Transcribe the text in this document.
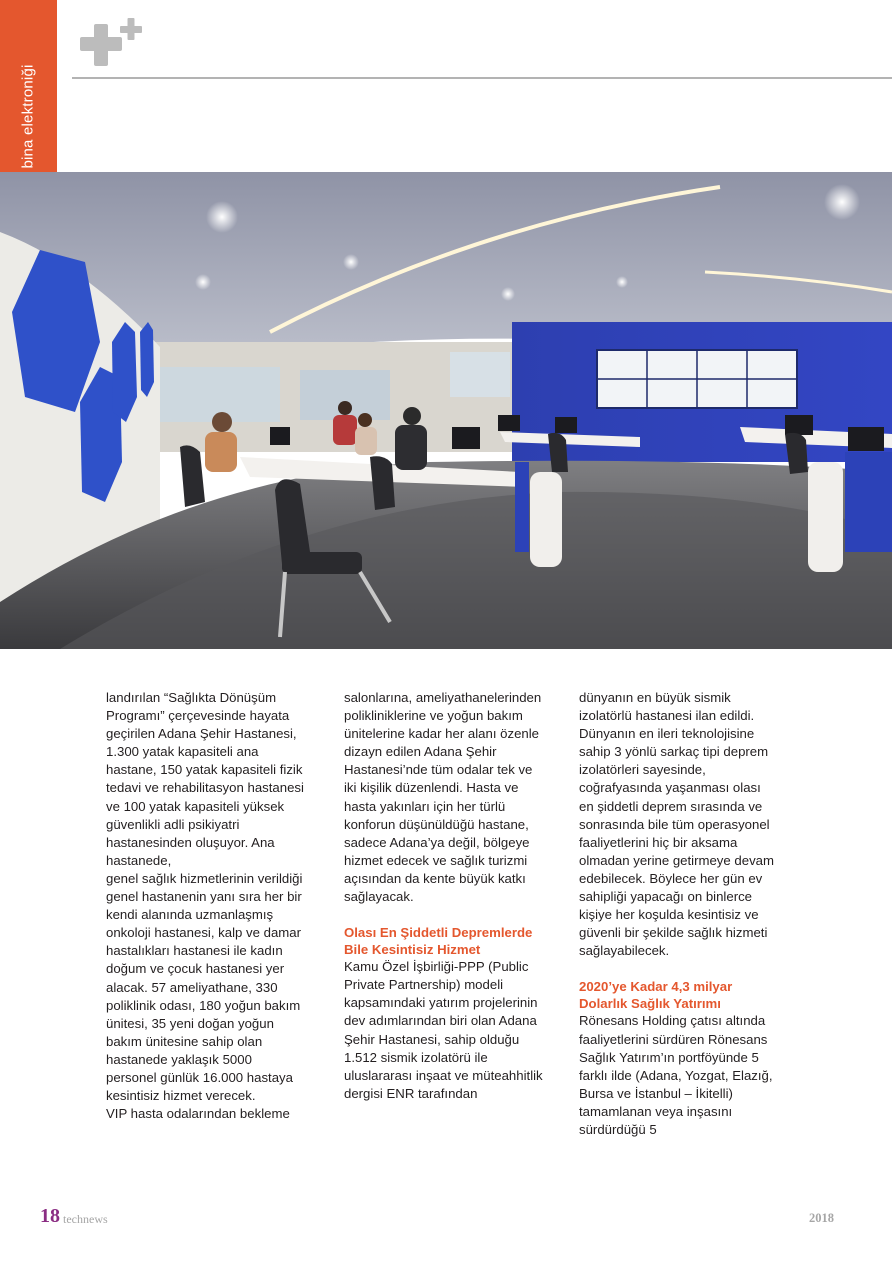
bina elektroniği

landırılan “Sağlıkta Dönüşüm Programı” çerçevesinde hayata geçirilen Adana Şehir Hastanesi, 1.300 yatak kapasiteli ana hastane, 150 yatak kapasiteli fizik tedavi ve rehabilitasyon hastanesi ve 100 yatak kapasiteli yüksek güvenlikli adli psikiyatri hastanesinden oluşuyor. Ana hastanede,

genel sağlık hizmetlerinin verildiği genel hastanenin yanı sıra her bir kendi alanında uzmanlaşmış onkoloji hastanesi, kalp ve damar hastalıkları hastanesi ile kadın doğum ve çocuk hastanesi yer alacak. 57 ameliyathane, 330 poliklinik odası, 180 yoğun bakım ünitesi, 35 yeni doğan yoğun bakım ünitesine sahip olan hastanede yaklaşık 5000 personel günlük 16.000 hastaya kesintisiz hizmet verecek.

VIP hasta odalarından bekleme

salonlarına, ameliyathanelerinden polikliniklerine ve yoğun bakım ünitelerine kadar her alanı özenle dizayn edilen Adana Şehir Hastanesi’nde tüm odalar tek ve iki kişilik düzenlendi. Hasta ve hasta yakınları için her türlü konforun düşünüldüğü hastane, sadece Adana’ya değil, bölgeye hizmet edecek ve sağlık turizmi açısından da kente büyük katkı sağlayacak.

Olası En Şiddetli Depremlerde Bile Kesintisiz Hizmet

Kamu Özel İşbirliği-PPP (Public Private Partnership) modeli kapsamındaki yatırım projelerinin dev adımlarından biri olan Adana Şehir Hastanesi, sahip olduğu 1.512 sismik izolatörü ile uluslararası inşaat ve müteahhitlik dergisi ENR tarafından

dünyanın en büyük sismik izolatörlü hastanesi ilan edildi. Dünyanın en ileri teknolojisine sahip 3 yönlü sarkaç tipi deprem izolatörleri sayesinde, coğrafyasında yaşanması olası en şiddetli deprem sırasında ve sonrasında bile tüm operasyonel faaliyetlerini hiç bir aksama olmadan yerine getirmeye devam edebilecek. Böylece her gün ev sahipliği yapacağı on binlerce kişiye her koşulda kesintisiz ve güvenli bir şekilde sağlık hizmeti sağlayabilecek.

2020’ye Kadar 4,3 milyar Dolarlık Sağlık Yatırımı

Rönesans Holding çatısı altında faaliyetlerini sürdüren Rönesans Sağlık Yatırım’ın portföyünde 5 farklı ilde (Adana, Yozgat, Elazığ, Bursa ve İstanbul – İkitelli) tamamlanan veya inşasını sürdürdüğü 5

18 technews	2018
